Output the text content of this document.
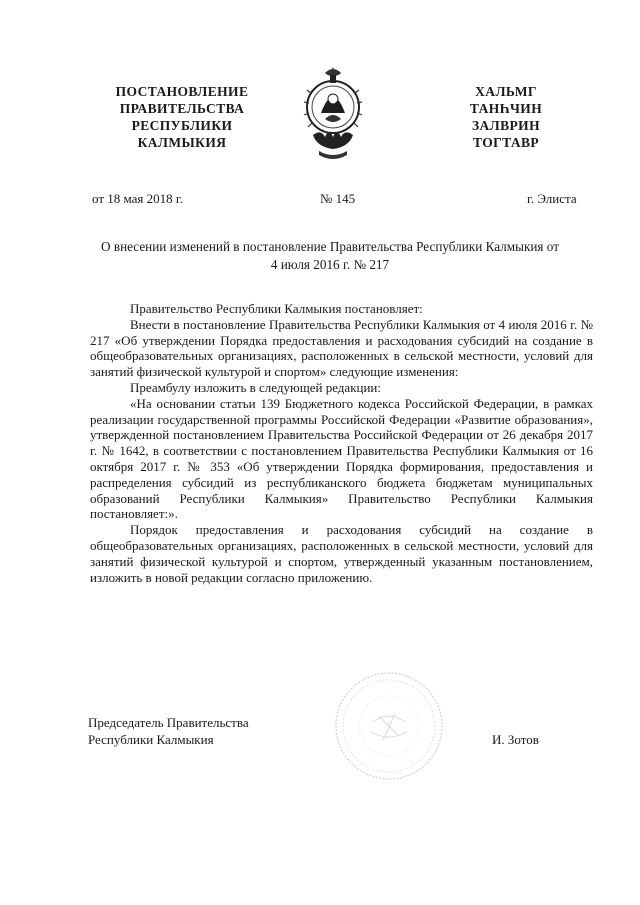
ПОСТАНОВЛЕНИЕ
ПРАВИТЕЛЬСТВА
РЕСПУБЛИКИ
КАЛМЫКИЯ
ХАЛЬМГ
ТАНҺЧИН
ЗАЛВРИН
ТОГТАВР
от 18 мая 2018 г.	№ 145	г. Элиста
О внесении изменений в постановление Правительства Республики Калмыкия от 4 июля 2016 г. № 217

Правительство Республики Калмыкия постановляет:

Внести в постановление Правительства Республики Калмыкия от 4 июля 2016 г. № 217 «Об утверждении Порядка предоставления и расходования субсидий на создание в общеобразовательных организациях, расположенных в сельской местности, условий для занятий физической культурой и спортом» следующие изменения:

Преамбулу изложить в следующей редакции:

«На основании статьи 139 Бюджетного кодекса Российской Федерации, в рамках реализации государственной программы Российской Федерации «Развитие образования», утвержденной постановлением Правительства Российской Федерации от 26 декабря 2017 г. № 1642, в соответствии с постановлением Правительства Республики Калмыкия от 16 октября 2017 г. № 353 «Об утверждении Порядка формирования, предоставления и распределения субсидий из республиканского бюджета бюджетам муниципальных образований Республики Калмыкия» Правительство Республики Калмыкия постановляет:».

Порядок предоставления и расходования субсидий на создание в общеобразовательных организациях, расположенных в сельской местности, условий для занятий физической культурой и спортом, утвержденный указанным постановлением, изложить в новой редакции согласно приложению.

Председатель Правительства
Республики Калмыкия	И. Зотов
